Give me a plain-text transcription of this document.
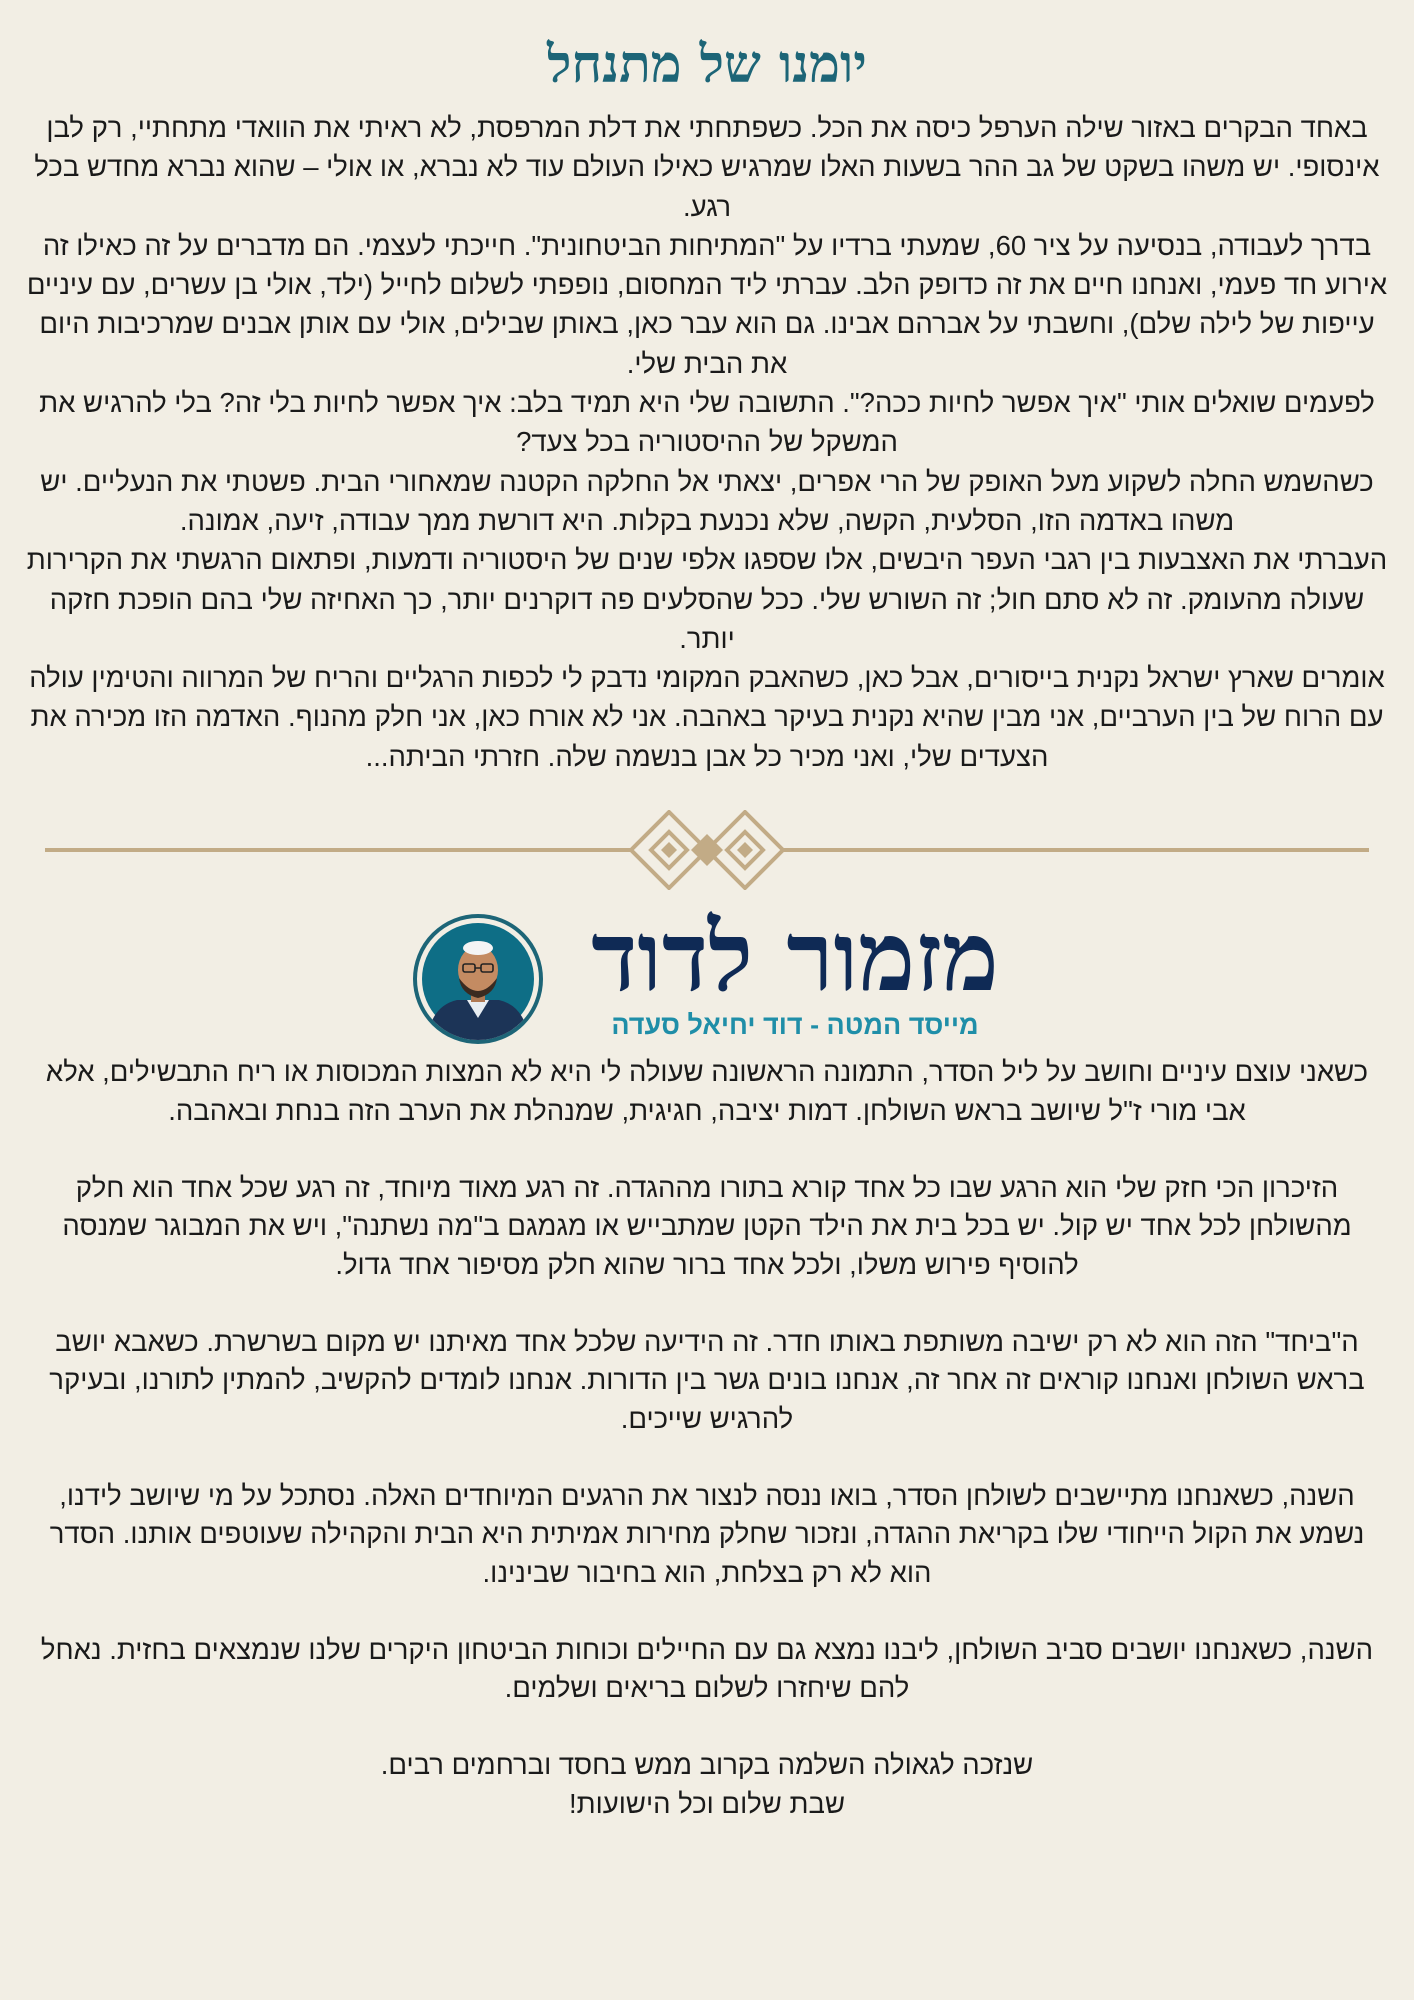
יומנו של מתנחל

באחד הבקרים באזור שילה הערפל כיסה את הכל. כשפתחתי את דלת המרפסת, לא ראיתי את הוואדי מתחתיי, רק לבן אינסופי. יש משהו בשקט של גב ההר בשעות האלו שמרגיש כאילו העולם עוד לא נברא, או אולי – שהוא נברא מחדש בכל רגע.

בדרך לעבודה, בנסיעה על ציר 60, שמעתי ברדיו על "המתיחות הביטחונית". חייכתי לעצמי. הם מדברים על זה כאילו זה אירוע חד פעמי, ואנחנו חיים את זה כדופק הלב. עברתי ליד המחסום, נופפתי לשלום לחייל (ילד, אולי בן עשרים, עם עיניים עייפות של לילה שלם), וחשבתי על אברהם אבינו. גם הוא עבר כאן, באותן שבילים, אולי עם אותן אבנים שמרכיבות היום את הבית שלי.

לפעמים שואלים אותי "איך אפשר לחיות ככה?". התשובה שלי היא תמיד בלב: איך אפשר לחיות בלי זה? בלי להרגיש את המשקל של ההיסטוריה בכל צעד?

כשהשמש החלה לשקוע מעל האופק של הרי אפרים, יצאתי אל החלקה הקטנה שמאחורי הבית. פשטתי את הנעליים. יש משהו באדמה הזו, הסלעית, הקשה, שלא נכנעת בקלות. היא דורשת ממך עבודה, זיעה, אמונה.

העברתי את האצבעות בין רגבי העפר היבשים, אלו שספגו אלפי שנים של היסטוריה ודמעות, ופתאום הרגשתי את הקרירות שעולה מהעומק. זה לא סתם חול; זה השורש שלי. ככל שהסלעים פה דוקרנים יותר, כך האחיזה שלי בהם הופכת חזקה יותר.

אומרים שארץ ישראל נקנית בייסורים, אבל כאן, כשהאבק המקומי נדבק לי לכפות הרגליים והריח של המרווה והטימין עולה עם הרוח של בין הערביים, אני מבין שהיא נקנית בעיקר באהבה. אני לא אורח כאן, אני חלק מהנוף. האדמה הזו מכירה את הצעדים שלי, ואני מכיר כל אבן בנשמה שלה. חזרתי הביתה...

מזמור לדוד
מייסד המטה - דוד יחיאל סעדה

כשאני עוצם עיניים וחושב על ליל הסדר, התמונה הראשונה שעולה לי היא לא המצות המכוסות או ריח התבשילים, אלא אבי מורי ז"ל שיושב בראש השולחן. דמות יציבה, חגיגית, שמנהלת את הערב הזה בנחת ובאהבה.

הזיכרון הכי חזק שלי הוא הרגע שבו כל אחד קורא בתורו מההגדה. זה רגע מאוד מיוחד, זה רגע שכל אחד הוא חלק מהשולחן לכל אחד יש קול. יש בכל בית את הילד הקטן שמתבייש או מגמגם ב"מה נשתנה", ויש את המבוגר שמנסה להוסיף פירוש משלו, ולכל אחד ברור שהוא חלק מסיפור אחד גדול.

ה"ביחד" הזה הוא לא רק ישיבה משותפת באותו חדר. זה הידיעה שלכל אחד מאיתנו יש מקום בשרשרת. כשאבא יושב בראש השולחן ואנחנו קוראים זה אחר זה, אנחנו בונים גשר בין הדורות. אנחנו לומדים להקשיב, להמתין לתורנו, ובעיקר להרגיש שייכים.

השנה, כשאנחנו מתיישבים לשולחן הסדר, בואו ננסה לנצור את הרגעים המיוחדים האלה. נסתכל על מי שיושב לידנו, נשמע את הקול הייחודי שלו בקריאת ההגדה, ונזכור שחלק מחירות אמיתית היא הבית והקהילה שעוטפים אותנו. הסדר הוא לא רק בצלחת, הוא בחיבור שבינינו.

השנה, כשאנחנו יושבים סביב השולחן, ליבנו נמצא גם עם החיילים וכוחות הביטחון היקרים שלנו שנמצאים בחזית. נאחל להם שיחזרו לשלום בריאים ושלמים.

שנזכה לגאולה השלמה בקרוב ממש בחסד וברחמים רבים.

שבת שלום וכל הישועות!
